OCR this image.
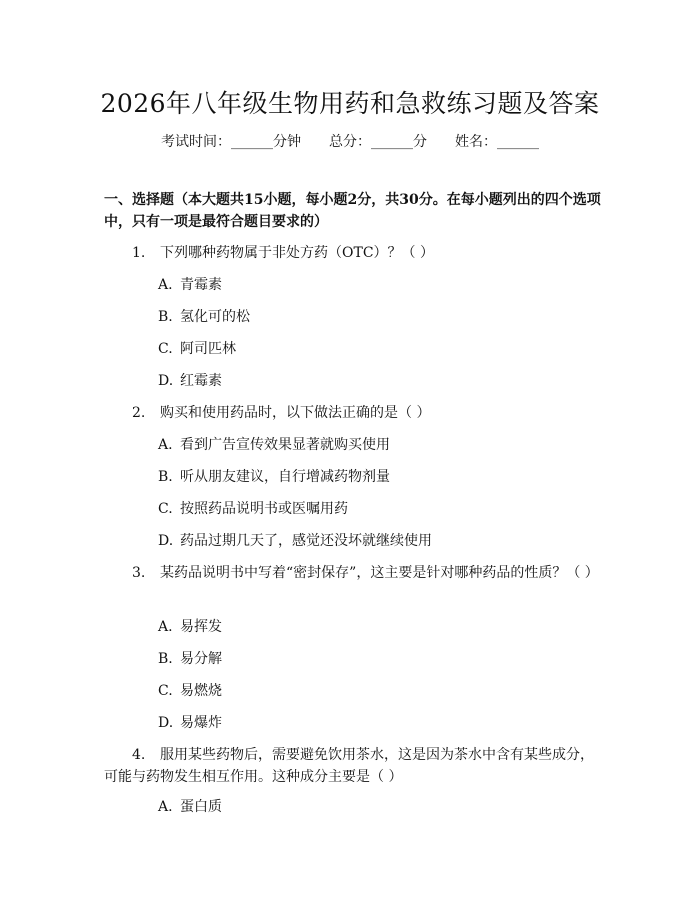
2026年八年级生物用药和急救练习题及答案
考试时间：______分钟 总分：______分 姓名：______
一、选择题（本大题共15小题，每小题2分，共30分。在每小题列出的四个选项中，只有一项是最符合题目要求的）
1. 下列哪种药物属于非处方药（OTC）？（ ）
A. 青霉素
B. 氢化可的松
C. 阿司匹林
D. 红霉素
2. 购买和使用药品时，以下做法正确的是（ ）
A. 看到广告宣传效果显著就购买使用
B. 听从朋友建议，自行增减药物剂量
C. 按照药品说明书或医嘱用药
D. 药品过期几天了，感觉还没坏就继续使用
3. 某药品说明书中写着“密封保存”，这主要是针对哪种药品的性质？（ ）
A. 易挥发
B. 易分解
C. 易燃烧
D. 易爆炸
4. 服用某些药物后，需要避免饮用茶水，这是因为茶水中含有某些成分，可能与药物发生相互作用。这种成分主要是（ ）
A. 蛋白质
